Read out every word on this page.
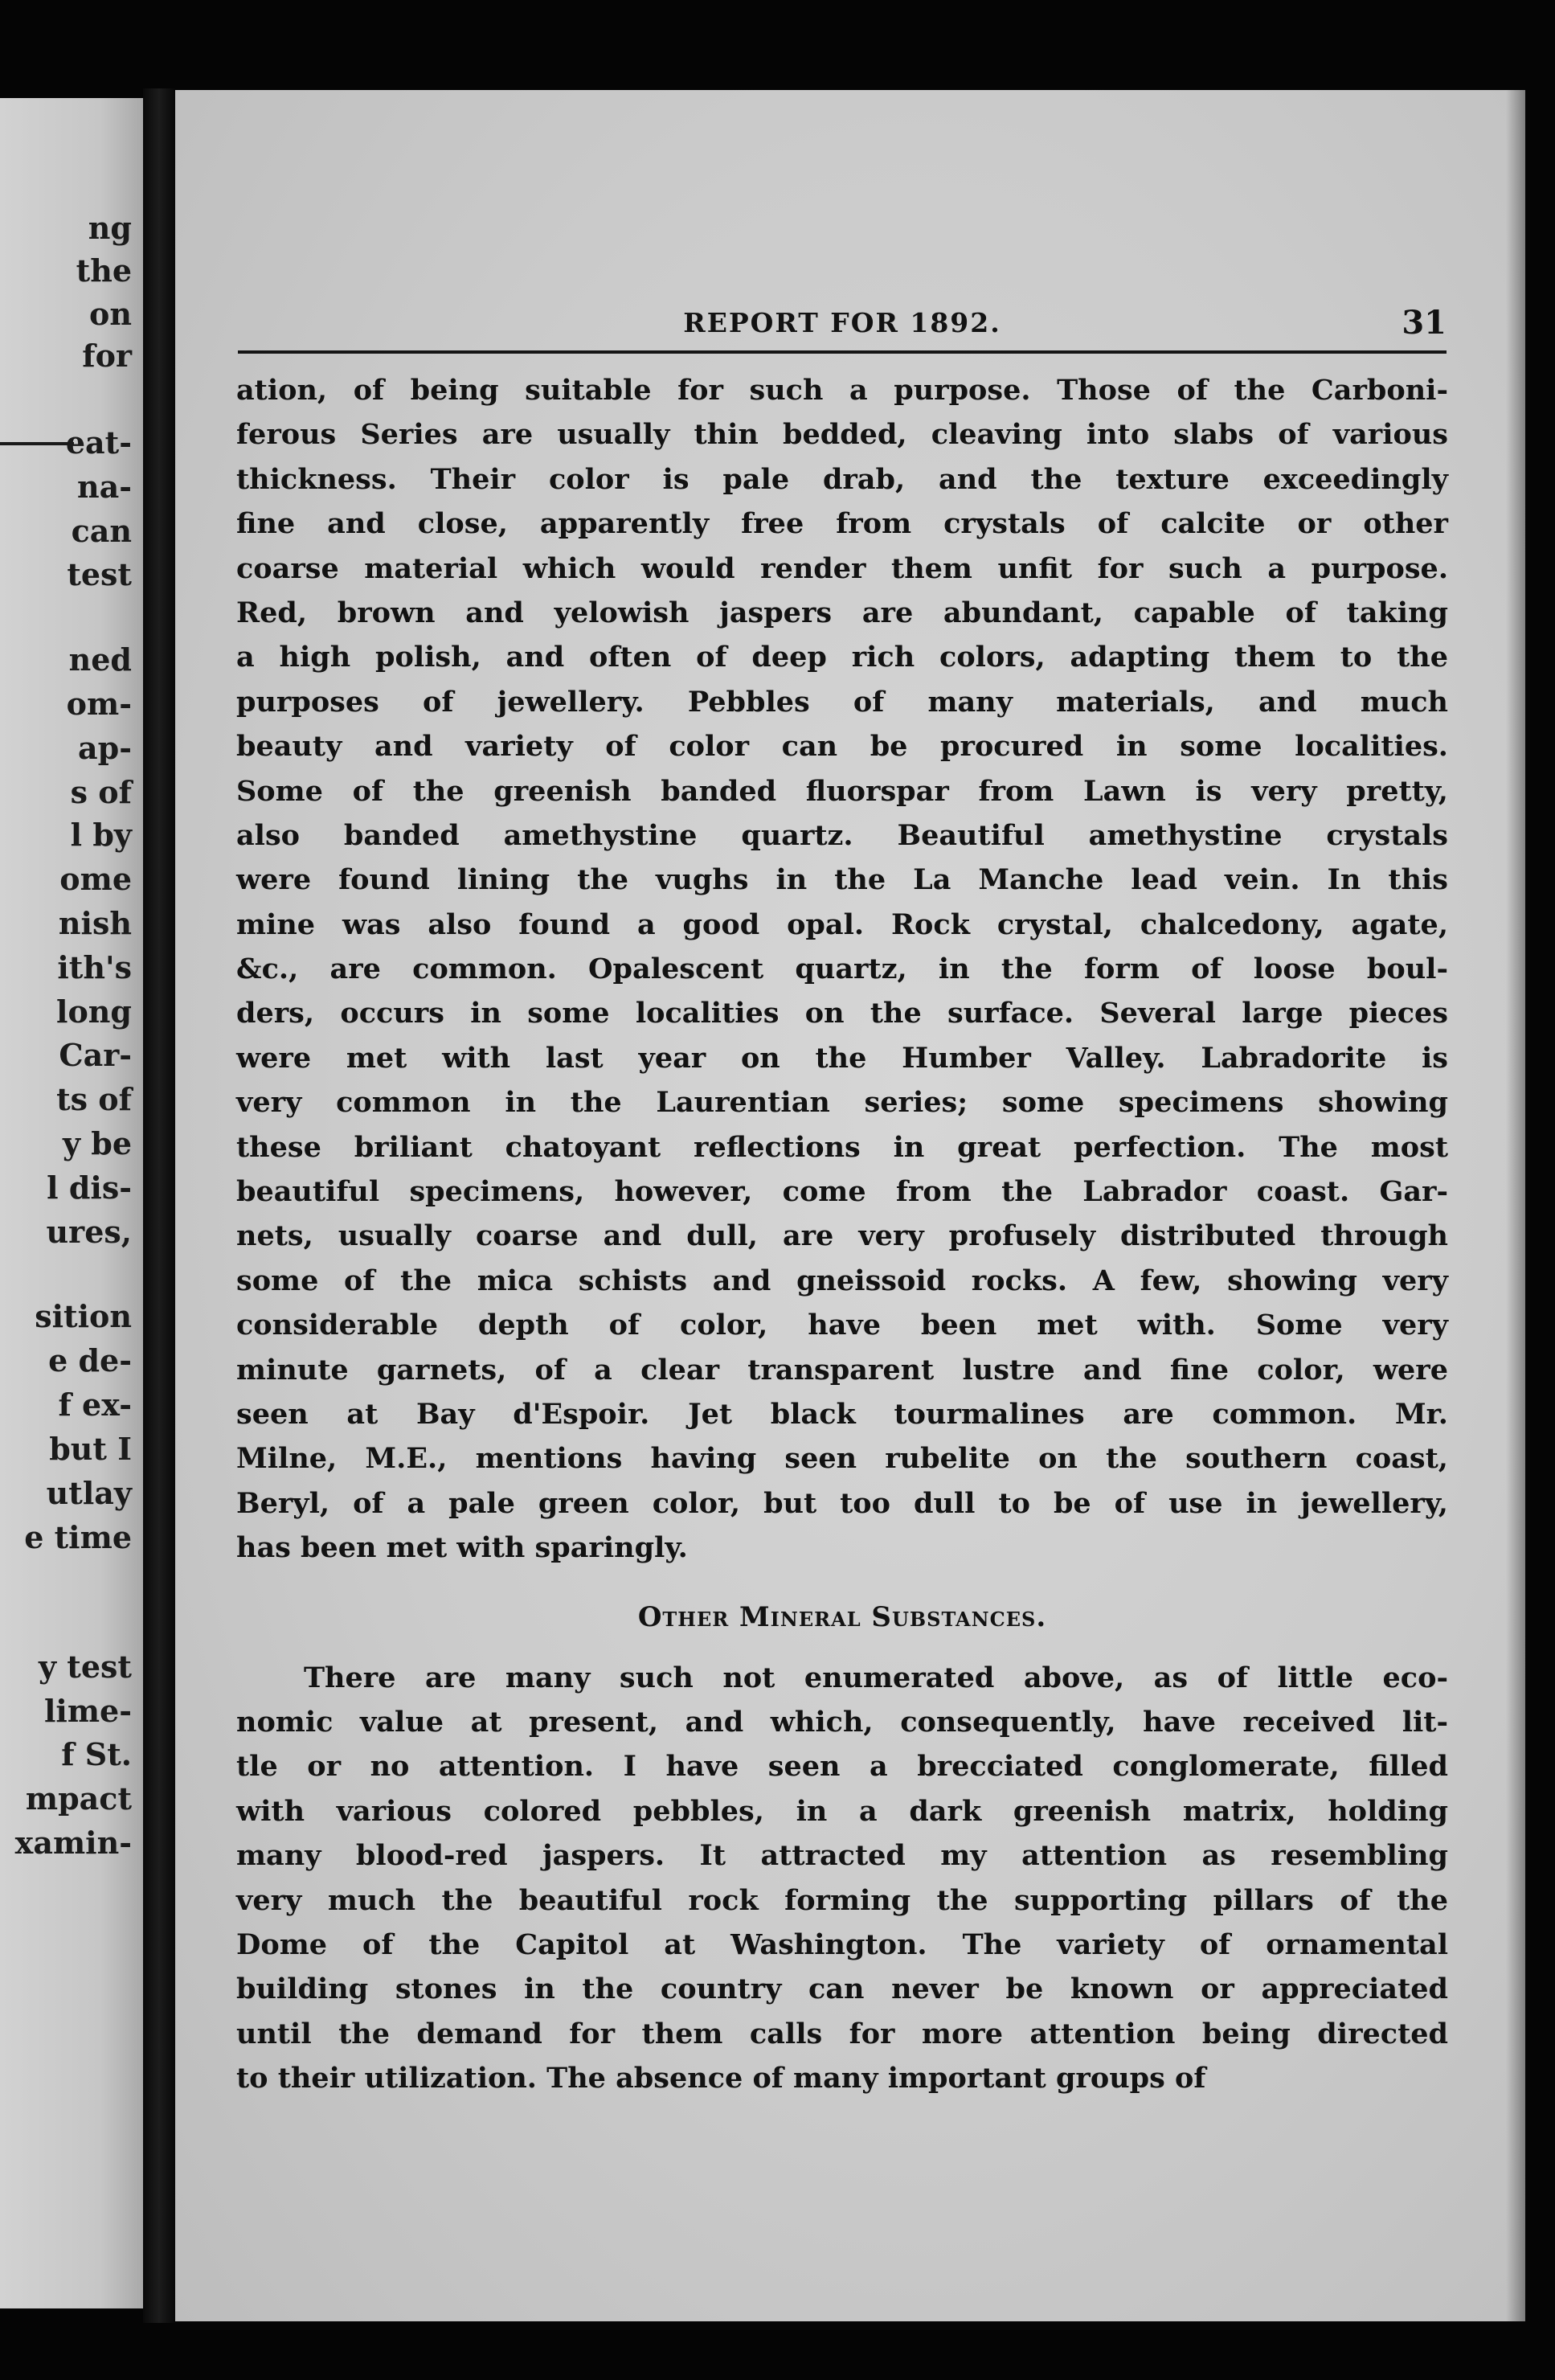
ng
the
on
for
eat-
na-
can
test
ned
om-
ap-
s of
l by
ome
nish
ith's
long
Car-
ts of
y be
l dis-
ures,
sition
e de-
f ex-
but I
utlay
e time
y test
lime-
f St.
mpact
xamin-
REPORT FOR 1892.	31
ation, of being suitable for such a purpose. Those of the Carboni-
ferous Series are usually thin bedded, cleaving into slabs of various
thickness. Their color is pale drab, and the texture exceedingly
fine and close, apparently free from crystals of calcite or other
coarse material which would render them unfit for such a purpose.
Red, brown and yelowish jaspers are abundant, capable of taking
a high polish, and often of deep rich colors, adapting them to the
purposes of jewellery. Pebbles of many materials, and much
beauty and variety of color can be procured in some localities.
Some of the greenish banded fluorspar from Lawn is very pretty,
also banded amethystine quartz. Beautiful amethystine crystals
were found lining the vughs in the La Manche lead vein. In this
mine was also found a good opal. Rock crystal, chalcedony, agate,
&c., are common. Opalescent quartz, in the form of loose boul-
ders, occurs in some localities on the surface. Several large pieces
were met with last year on the Humber Valley. Labradorite is
very common in the Laurentian series; some specimens showing
these briliant chatoyant reflections in great perfection. The most
beautiful specimens, however, come from the Labrador coast. Gar-
nets, usually coarse and dull, are very profusely distributed through
some of the mica schists and gneissoid rocks. A few, showing very
considerable depth of color, have been met with. Some very
minute garnets, of a clear transparent lustre and fine color, were
seen at Bay d'Espoir. Jet black tourmalines are common. Mr.
Milne, M.E., mentions having seen rubelite on the southern coast,
Beryl, of a pale green color, but too dull to be of use in jewellery,
has been met with sparingly.
Other Mineral Substances.
There are many such not enumerated above, as of little eco-
nomic value at present, and which, consequently, have received lit-
tle or no attention. I have seen a brecciated conglomerate, filled
with various colored pebbles, in a dark greenish matrix, holding
many blood-red jaspers. It attracted my attention as resembling
very much the beautiful rock forming the supporting pillars of the
Dome of the Capitol at Washington. The variety of ornamental
building stones in the country can never be known or appreciated
until the demand for them calls for more attention being directed
to their utilization. The absence of many important groups of
